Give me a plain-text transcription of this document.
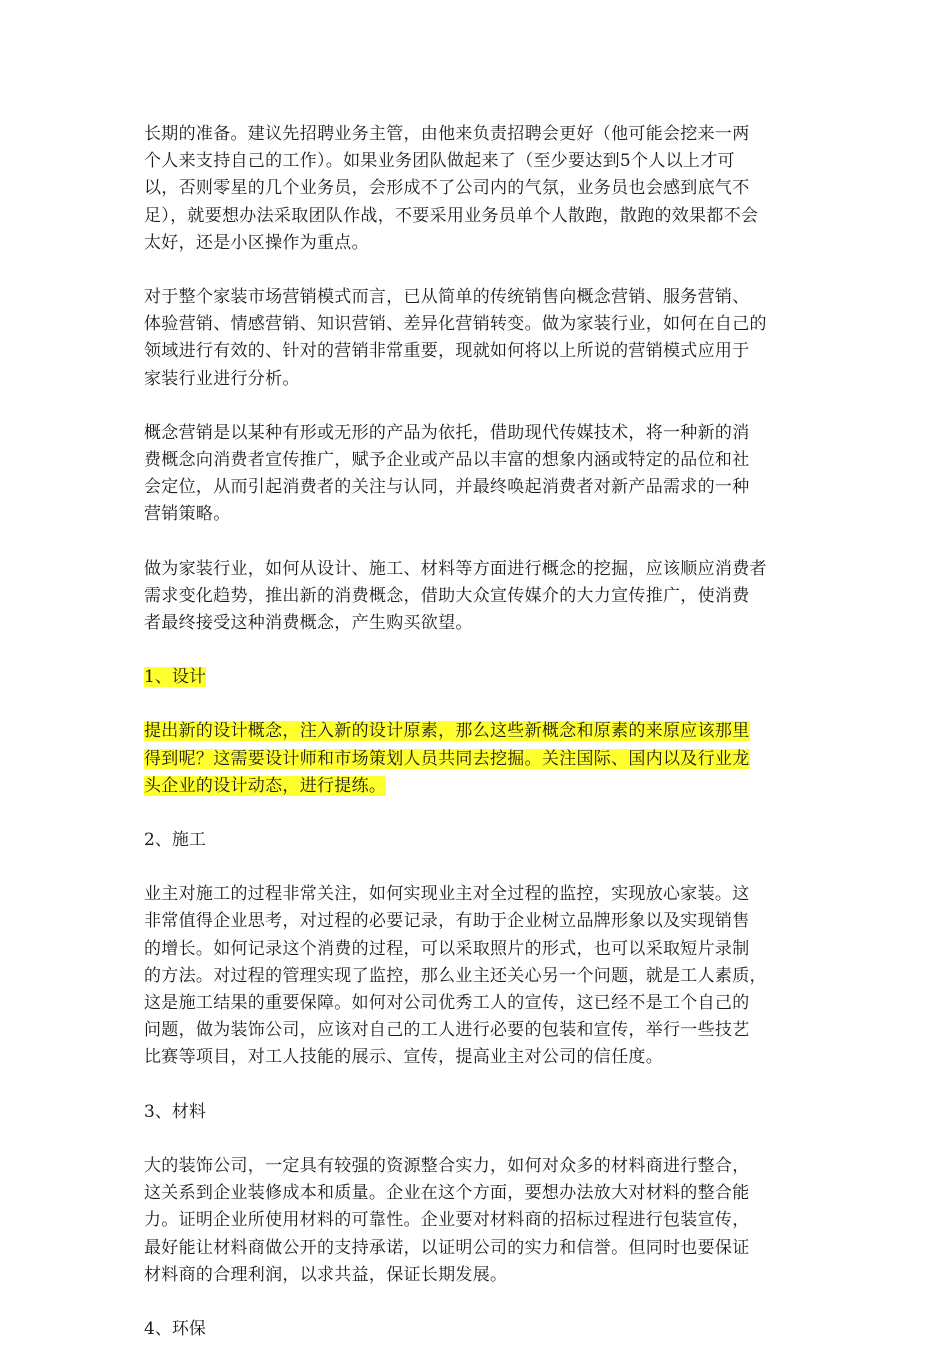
长期的准备。建议先招聘业务主管，由他来负责招聘会更好（他可能会挖来一两
个人来支持自己的工作）。如果业务团队做起来了（至少要达到5个人以上才可
以，否则零星的几个业务员，会形成不了公司内的气氛，业务员也会感到底气不
足），就要想办法采取团队作战，不要采用业务员单个人散跑，散跑的效果都不会
太好，还是小区操作为重点。

对于整个家装市场营销模式而言，已从简单的传统销售向概念营销、服务营销、
体验营销、情感营销、知识营销、差异化营销转变。做为家装行业，如何在自己的
领域进行有效的、针对的营销非常重要，现就如何将以上所说的营销模式应用于
家装行业进行分析。

概念营销是以某种有形或无形的产品为依托，借助现代传媒技术，将一种新的消
费概念向消费者宣传推广，赋予企业或产品以丰富的想象内涵或特定的品位和社
会定位，从而引起消费者的关注与认同，并最终唤起消费者对新产品需求的一种
营销策略。

做为家装行业，如何从设计、施工、材料等方面进行概念的挖掘，应该顺应消费者
需求变化趋势，推出新的消费概念，借助大众宣传媒介的大力宣传推广，使消费
者最终接受这种消费概念，产生购买欲望。

1、设计

提出新的设计概念，注入新的设计原素，那么这些新概念和原素的来原应该那里
得到呢？这需要设计师和市场策划人员共同去挖掘。关注国际、国内以及行业龙
头企业的设计动态，进行提练。

2、施工

业主对施工的过程非常关注，如何实现业主对全过程的监控，实现放心家装。这
非常值得企业思考，对过程的必要记录，有助于企业树立品牌形象以及实现销售
的增长。如何记录这个消费的过程，可以采取照片的形式，也可以采取短片录制
的方法。对过程的管理实现了监控，那么业主还关心另一个问题，就是工人素质，
这是施工结果的重要保障。如何对公司优秀工人的宣传，这已经不是工个自己的
问题，做为装饰公司，应该对自己的工人进行必要的包装和宣传，举行一些技艺
比赛等项目，对工人技能的展示、宣传，提高业主对公司的信任度。

3、材料

大的装饰公司，一定具有较强的资源整合实力，如何对众多的材料商进行整合，
这关系到企业装修成本和质量。企业在这个方面，要想办法放大对材料的整合能
力。证明企业所使用材料的可靠性。企业要对材料商的招标过程进行包装宣传，
最好能让材料商做公开的支持承诺，以证明公司的实力和信誉。但同时也要保证
材料商的合理利润，以求共益，保证长期发展。

4、环保
